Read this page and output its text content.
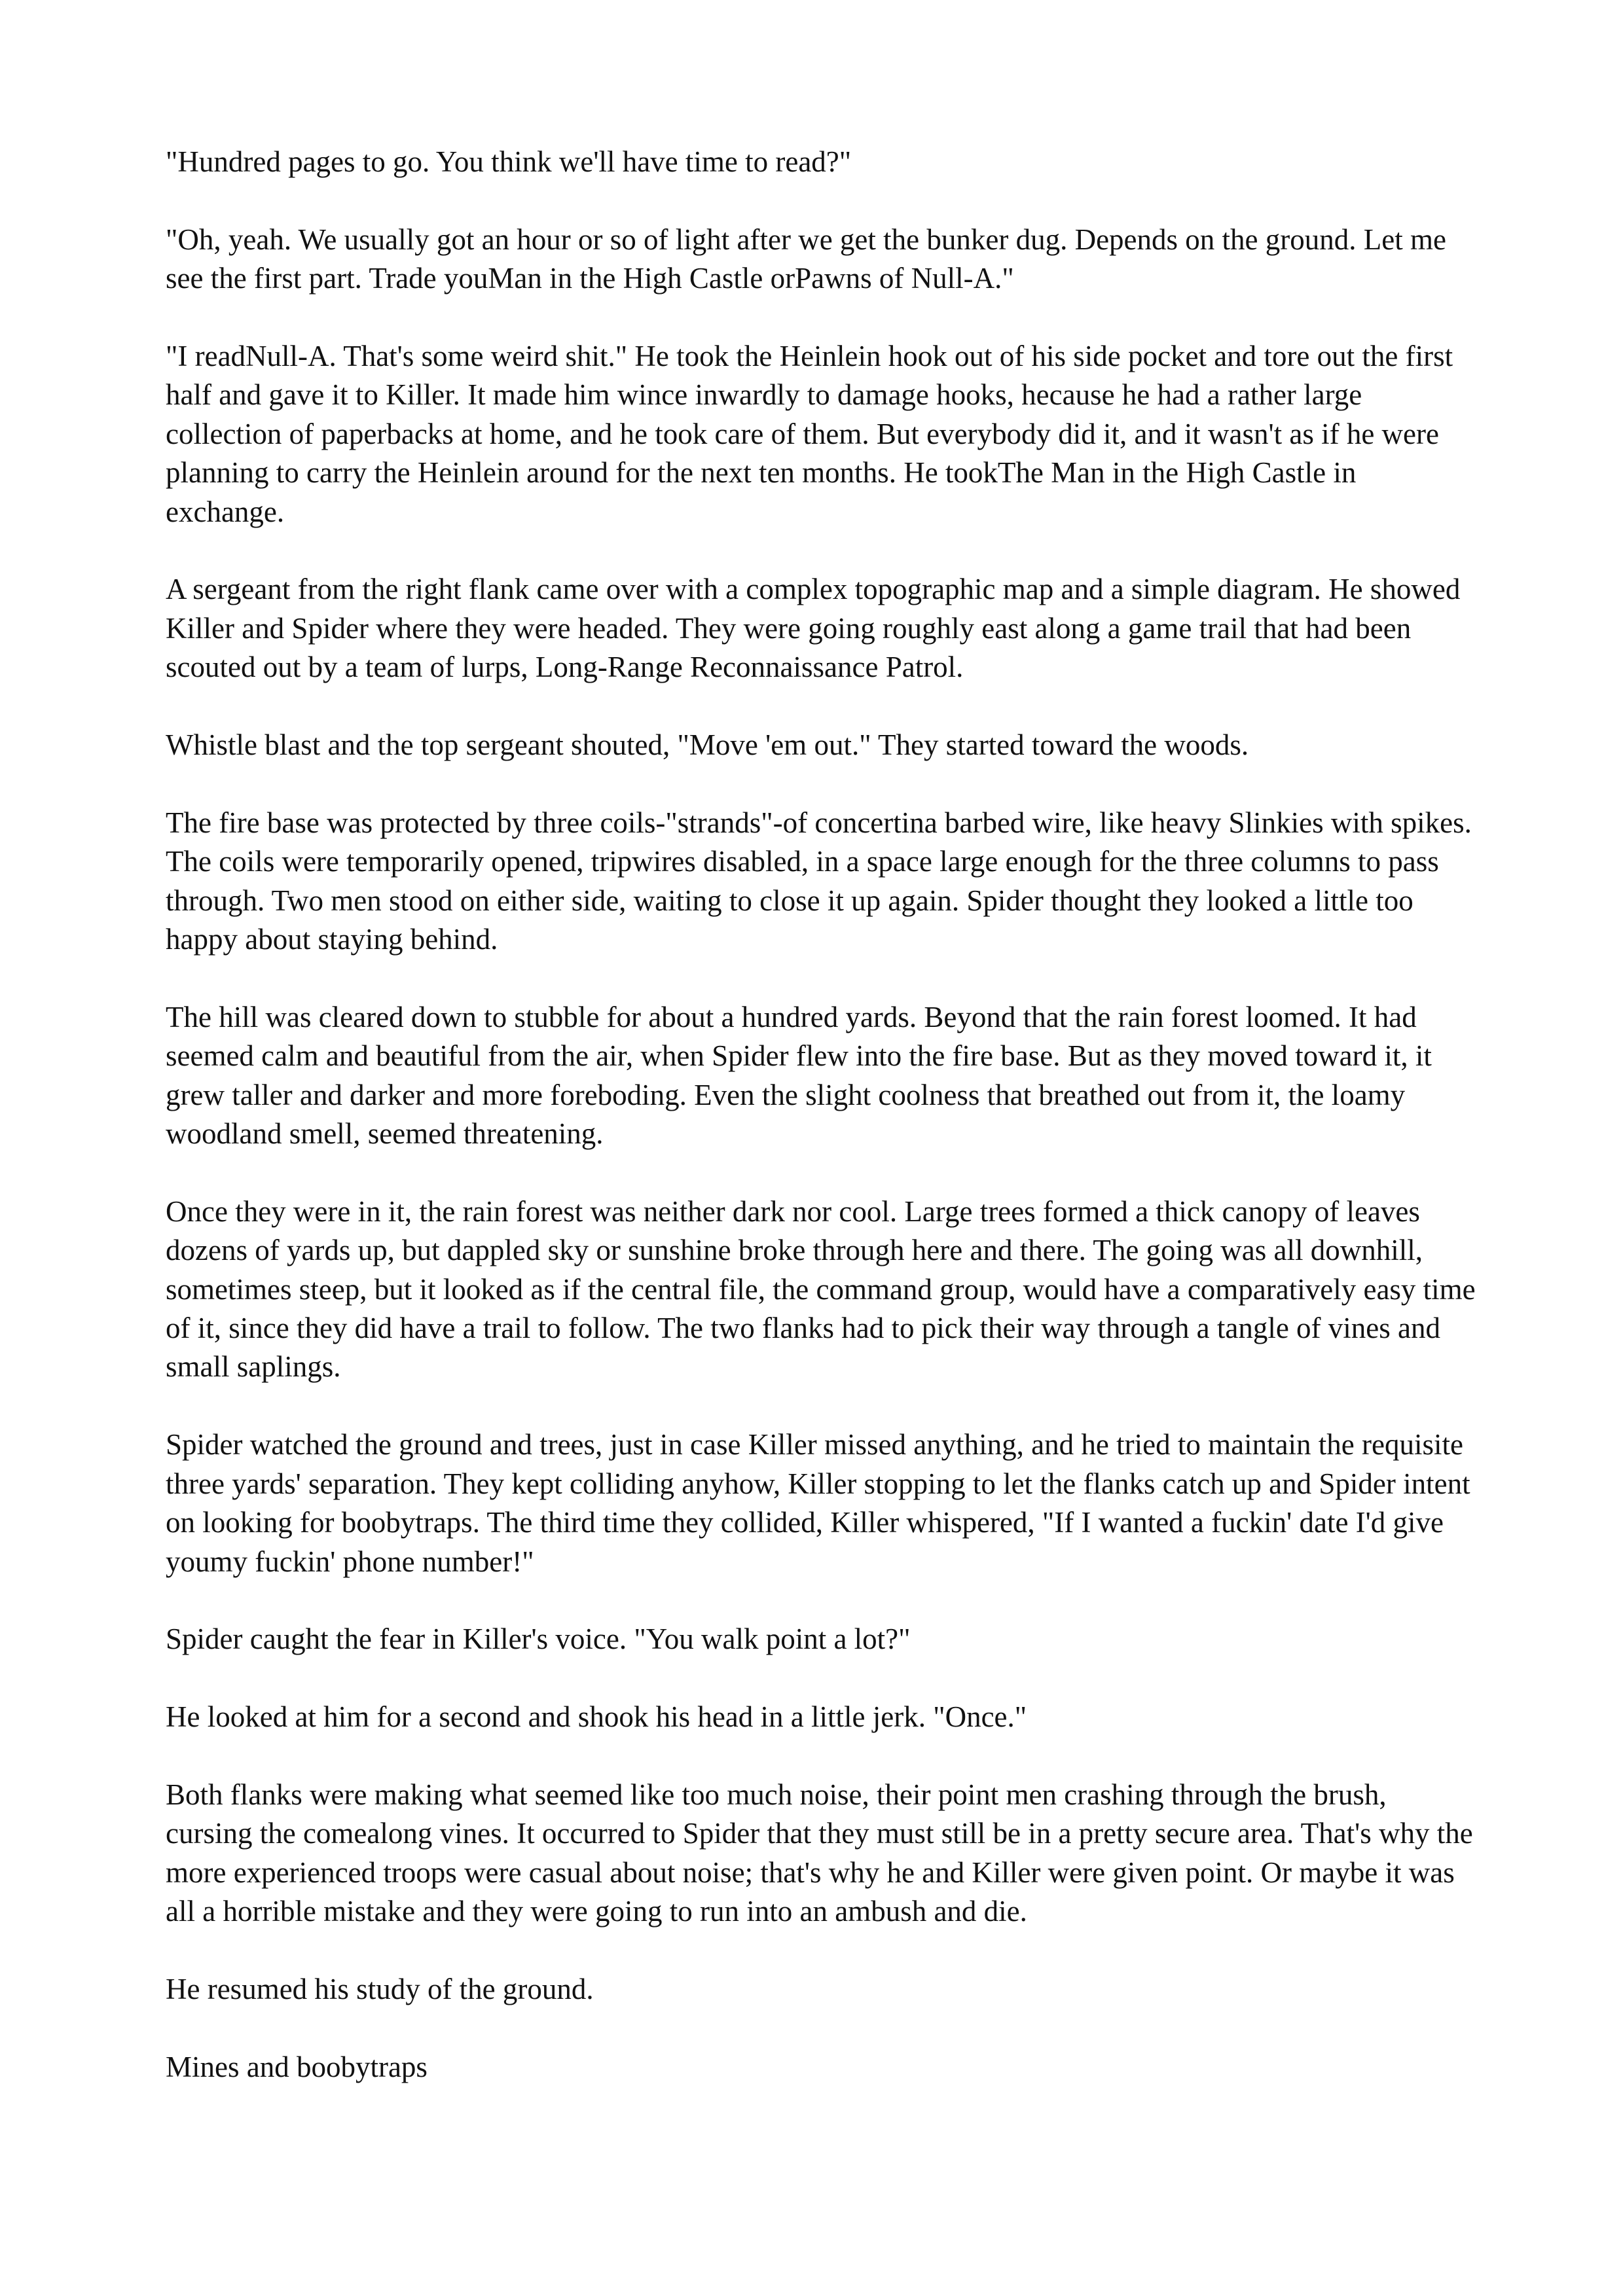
"Hundred pages to go. You think we'll have time to read?"

"Oh, yeah. We usually got an hour or so of light after we get the bunker dug. Depends on the ground. Let me see the first part. Trade youMan in the High Castle orPawns of Null-A."

"I readNull-A. That's some weird shit." He took the Heinlein hook out of his side pocket and tore out the first half and gave it to Killer. It made him wince inwardly to damage hooks, hecause he had a rather large collection of paperbacks at home, and he took care of them. But everybody did it, and it wasn't as if he were planning to carry the Heinlein around for the next ten months. He tookThe Man in the High Castle in exchange.

A sergeant from the right flank came over with a complex topographic map and a simple diagram. He showed Killer and Spider where they were headed. They were going roughly east along a game trail that had been scouted out by a team of lurps, Long-Range Reconnaissance Patrol.

Whistle blast and the top sergeant shouted, "Move 'em out." They started toward the woods.

The fire base was protected by three coils-"strands"-of concertina barbed wire, like heavy Slinkies with spikes. The coils were temporarily opened, tripwires disabled, in a space large enough for the three columns to pass through. Two men stood on either side, waiting to close it up again. Spider thought they looked a little too happy about staying behind.

The hill was cleared down to stubble for about a hundred yards. Beyond that the rain forest loomed. It had seemed calm and beautiful from the air, when Spider flew into the fire base. But as they moved toward it, it grew taller and darker and more foreboding. Even the slight coolness that breathed out from it, the loamy woodland smell, seemed threatening.

Once they were in it, the rain forest was neither dark nor cool. Large trees formed a thick canopy of leaves dozens of yards up, but dappled sky or sunshine broke through here and there. The going was all downhill, sometimes steep, but it looked as if the central file, the command group, would have a comparatively easy time of it, since they did have a trail to follow. The two flanks had to pick their way through a tangle of vines and small saplings.

Spider watched the ground and trees, just in case Killer missed anything, and he tried to maintain the requisite three yards' separation. They kept colliding anyhow, Killer stopping to let the flanks catch up and Spider intent on looking for boobytraps. The third time they collided, Killer whispered, "If I wanted a fuckin' date I'd give youmy fuckin' phone number!"

Spider caught the fear in Killer's voice. "You walk point a lot?"

He looked at him for a second and shook his head in a little jerk. "Once."

Both flanks were making what seemed like too much noise, their point men crashing through the brush, cursing the comealong vines. It occurred to Spider that they must still be in a pretty secure area. That's why the more experienced troops were casual about noise; that's why he and Killer were given point. Or maybe it was all a horrible mistake and they were going to run into an ambush and die.

He resumed his study of the ground.

Mines and boobytraps
